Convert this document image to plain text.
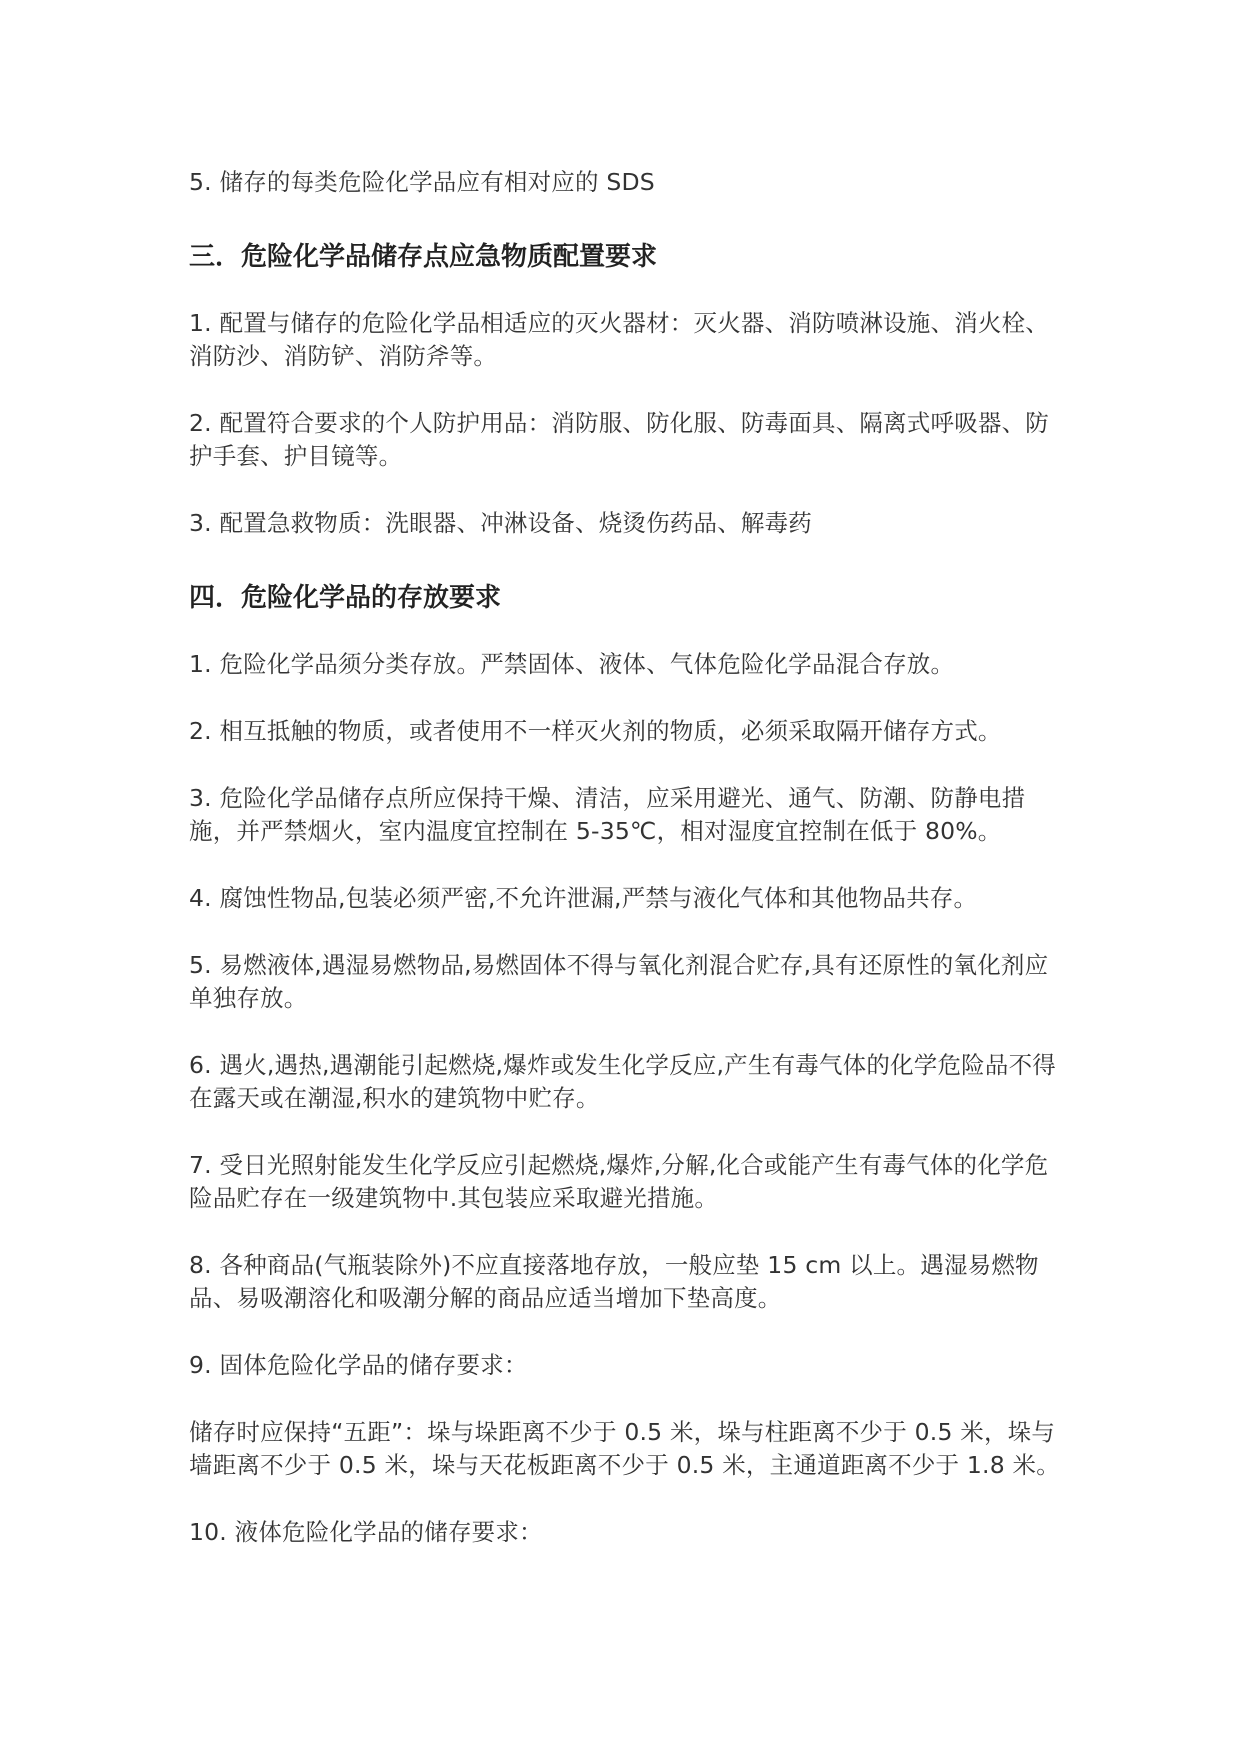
5. 储存的每类危险化学品应有相对应的 SDS

三．危险化学品储存点应急物质配置要求

1. 配置与储存的危险化学品相适应的灭火器材：灭火器、消防喷淋设施、消火栓、消防沙、消防铲、消防斧等。

2. 配置符合要求的个人防护用品：消防服、防化服、防毒面具、隔离式呼吸器、防护手套、护目镜等。

3. 配置急救物质：洗眼器、冲淋设备、烧烫伤药品、解毒药

四．危险化学品的存放要求

1. 危险化学品须分类存放。严禁固体、液体、气体危险化学品混合存放。

2. 相互抵触的物质，或者使用不一样灭火剂的物质，必须采取隔开储存方式。

3. 危险化学品储存点所应保持干燥、清洁，应采用避光、通气、防潮、防静电措施，并严禁烟火，室内温度宜控制在 5-35℃，相对湿度宜控制在低于 80%。

4. 腐蚀性物品,包装必须严密,不允许泄漏,严禁与液化气体和其他物品共存。

5. 易燃液体,遇湿易燃物品,易燃固体不得与氧化剂混合贮存,具有还原性的氧化剂应单独存放。

6. 遇火,遇热,遇潮能引起燃烧,爆炸或发生化学反应,产生有毒气体的化学危险品不得在露天或在潮湿,积水的建筑物中贮存。

7. 受日光照射能发生化学反应引起燃烧,爆炸,分解,化合或能产生有毒气体的化学危险品贮存在一级建筑物中.其包装应采取避光措施。

8. 各种商品(气瓶装除外)不应直接落地存放，一般应垫 15 cm 以上。遇湿易燃物品、易吸潮溶化和吸潮分解的商品应适当增加下垫高度。

9. 固体危险化学品的储存要求：

储存时应保持“五距”：垛与垛距离不少于 0.5 米，垛与柱距离不少于 0.5 米，垛与墙距离不少于 0.5 米，垛与天花板距离不少于 0.5 米，主通道距离不少于 1.8 米。

10. 液体危险化学品的储存要求：
